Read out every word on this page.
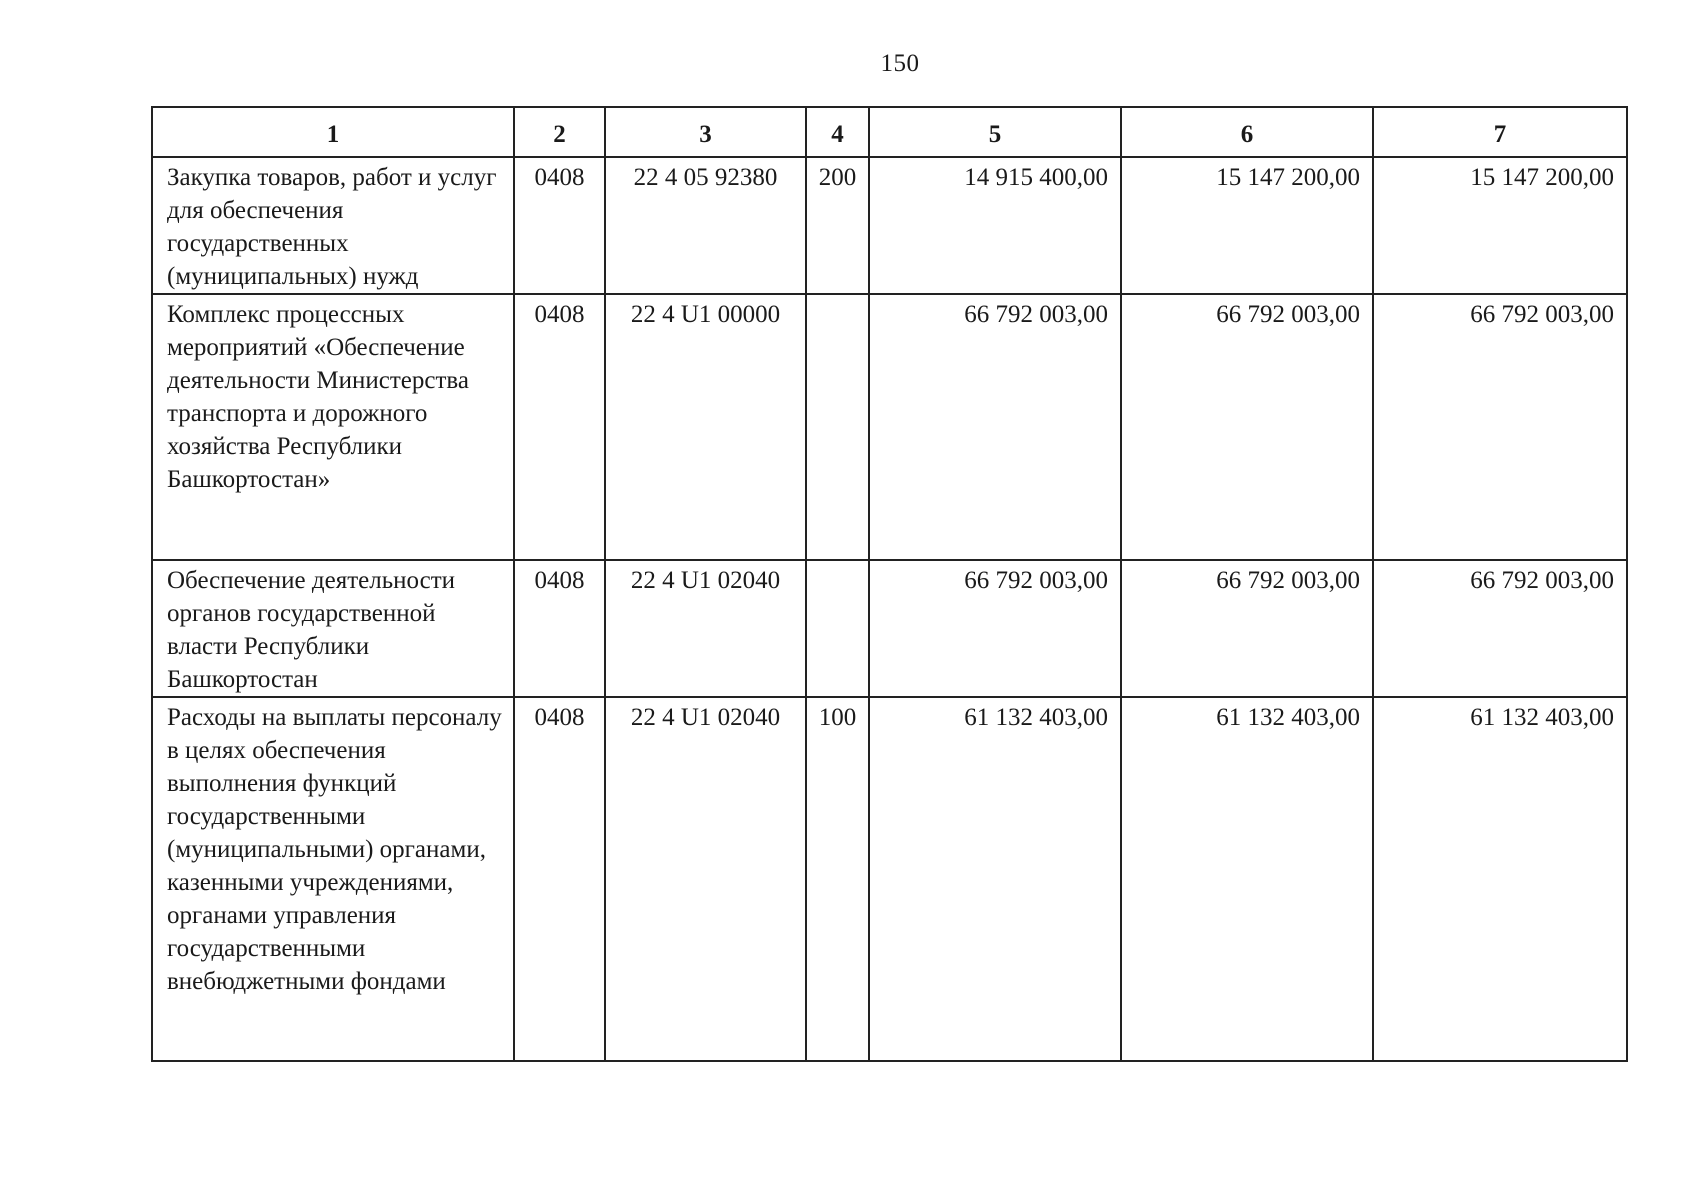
150
1	2	3	4	5	6	7
Закупка товаров, работ и услуг для обеспечения государственных (муниципальных) нужд	0408	22 4 05 92380	200	14 915 400,00	15 147 200,00	15 147 200,00
Комплекс процессных мероприятий «Обеспечение деятельности Министерства транспорта и дорожного хозяйства Республики Башкортостан»	0408	22 4 U1 00000		66 792 003,00	66 792 003,00	66 792 003,00
Обеспечение деятельности органов государственной власти Республики Башкортостан	0408	22 4 U1 02040		66 792 003,00	66 792 003,00	66 792 003,00
Расходы на выплаты персоналу в целях обеспечения выполнения функций государственными (муниципальными) органами, казенными учреждениями, органами управления государственными внебюджетными фондами	0408	22 4 U1 02040	100	61 132 403,00	61 132 403,00	61 132 403,00
